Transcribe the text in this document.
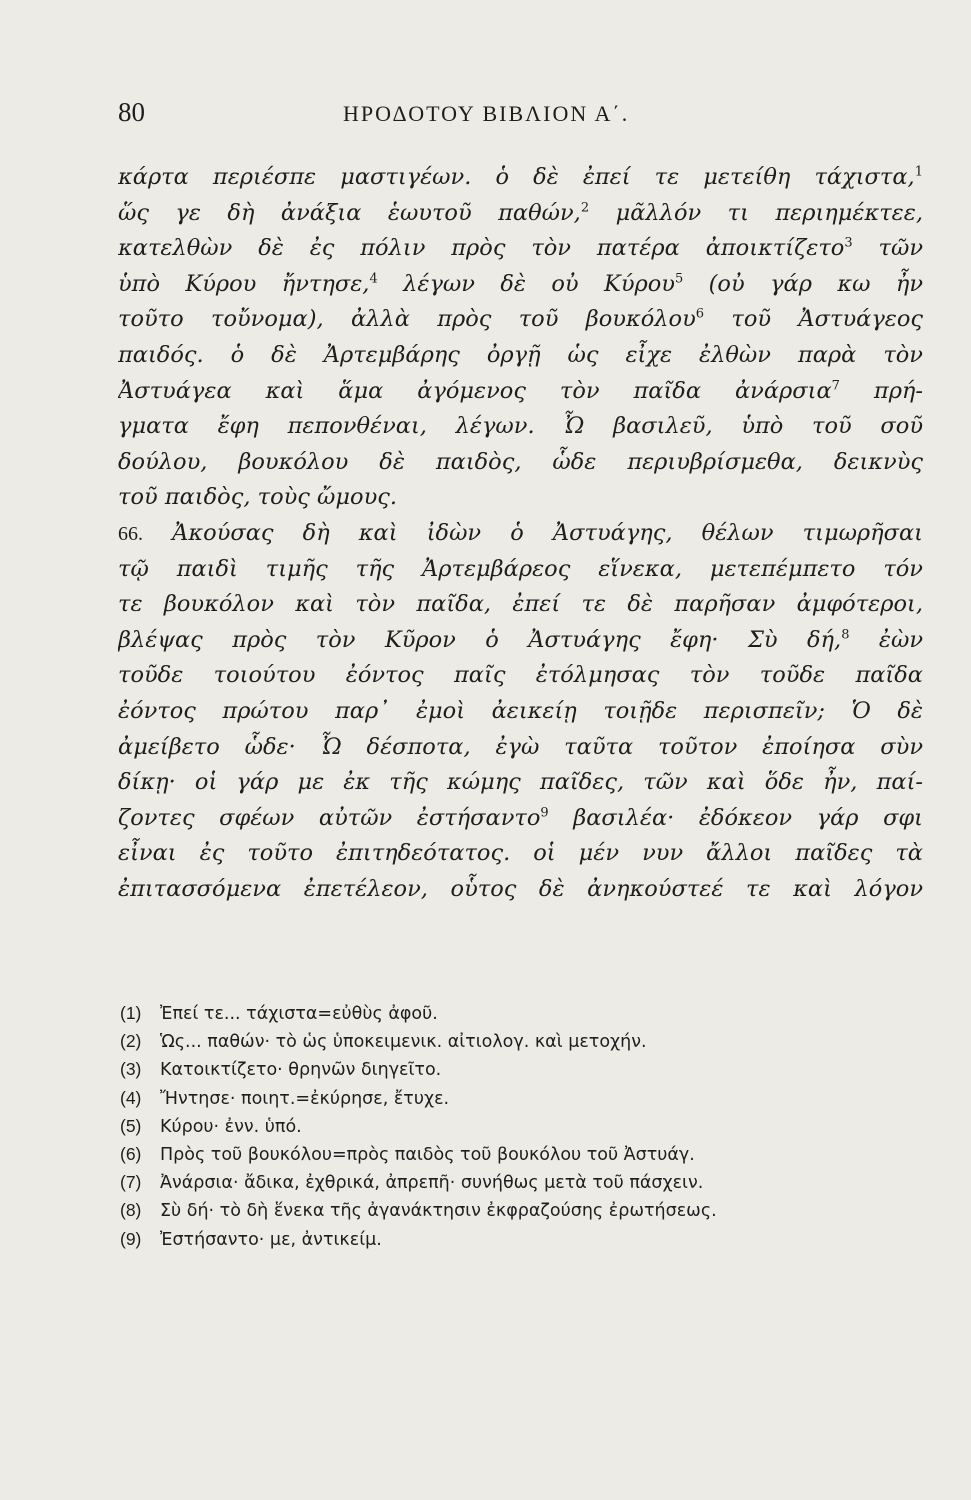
80	ΗΡΟΔΟΤΟΥ ΒΙΒΛΙΟΝ Α΄.
κάρτα περιέσπε μαστιγέων. ὁ δὲ ἐπεί τε μετείθη τάχιστα,$^1$
ὥς γε δὴ ἀνάξια ἑωυτοῦ παθών,$^2$ μᾶλλόν τι περιημέκτεε,
κατελθὼν δὲ ἐς πόλιν πρὸς τὸν πατέρα ἀποικτίζετο$^3$ τῶν
ὑπὸ Κύρου ἤντησε,$^4$ λέγων δὲ οὐ Κύρου$^5$ (οὐ γάρ κω ἦν
τοῦτο τοὔνομα), ἀλλὰ πρὸς τοῦ βουκόλου$^6$ τοῦ Ἀστυάγεος
παιδός. ὁ δὲ Ἀρτεμβάρης ὀργῇ ὡς εἶχε ἐλθὼν παρὰ τὸν
Ἀστυάγεα καὶ ἅμα ἀγόμενος τὸν παῖδα ἀνάρσια$^7$ πρή-
γματα ἔφη πεπονθέναι, λέγων. Ὦ βασιλεῦ, ὑπὸ τοῦ σοῦ
δούλου, βουκόλου δὲ παιδὸς, ὧδε περιυβρίσμεθα, δεικνὺς
τοῦ παιδὸς, τοὺς ὤμους.
66. Ἀκούσας δὴ καὶ ἰδὼν ὁ Ἀστυάγης, θέλων τιμωρῆσαι
τῷ παιδὶ τιμῆς τῆς Ἀρτεμβάρεος εἵνεκα, μετεπέμπετο τόν
τε βουκόλον καὶ τὸν παῖδα, ἐπεί τε δὲ παρῆσαν ἀμφότεροι,
βλέψας πρὸς τὸν Κῦρον ὁ Ἀστυάγης ἔφη· Σὺ δή,$^8$ ἐὼν
τοῦδε τοιούτου ἐόντος παῖς ἐτόλμησας τὸν τοῦδε παῖδα
ἐόντος πρώτου παρ᾽ ἐμοὶ ἀεικείῃ τοιῇδε περισπεῖν; Ὁ δὲ
ἀμείβετο ὧδε· Ὦ δέσποτα, ἐγὼ ταῦτα τοῦτον ἐποίησα σὺν
δίκῃ· οἱ γάρ με ἐκ τῆς κώμης παῖδες, τῶν καὶ ὅδε ἦν, παί-
ζοντες σφέων αὐτῶν ἐστήσαντο$^9$ βασιλέα· ἐδόκεον γάρ σφι
εἶναι ἐς τοῦτο ἐπιτηδεότατος. οἱ μέν νυν ἄλλοι παῖδες τὰ
ἐπιτασσόμενα ἐπετέλεον, οὗτος δὲ ἀνηκούστεέ τε καὶ λόγον
(1) Ἐπεί τε... τάχιστα=εὐθὺς ἀφοῦ.
(2) Ὡς... παθών· τὸ ὡς ὑποκειμενικ. αἰτιολογ. καὶ μετοχήν.
(3) Κατοικτίζετο· θρηνῶν διηγεῖτο.
(4) Ἤντησε· ποιητ.=ἐκύρησε, ἔτυχε.
(5) Κύρου· ἐνν. ὑπό.
(6) Πρὸς τοῦ βουκόλου=πρὸς παιδὸς τοῦ βουκόλου τοῦ Ἀστυάγ.
(7) Ἀνάρσια· ἄδικα, ἐχθρικά, ἀπρεπῆ· συνήθως μετὰ τοῦ πάσχειν.
(8) Σὺ δή· τὸ δὴ ἕνεκα τῆς ἀγανάκτησιν ἐκφραζούσης ἐρωτήσεως.
(9) Ἐστήσαντο· με, ἀντικείμ.
